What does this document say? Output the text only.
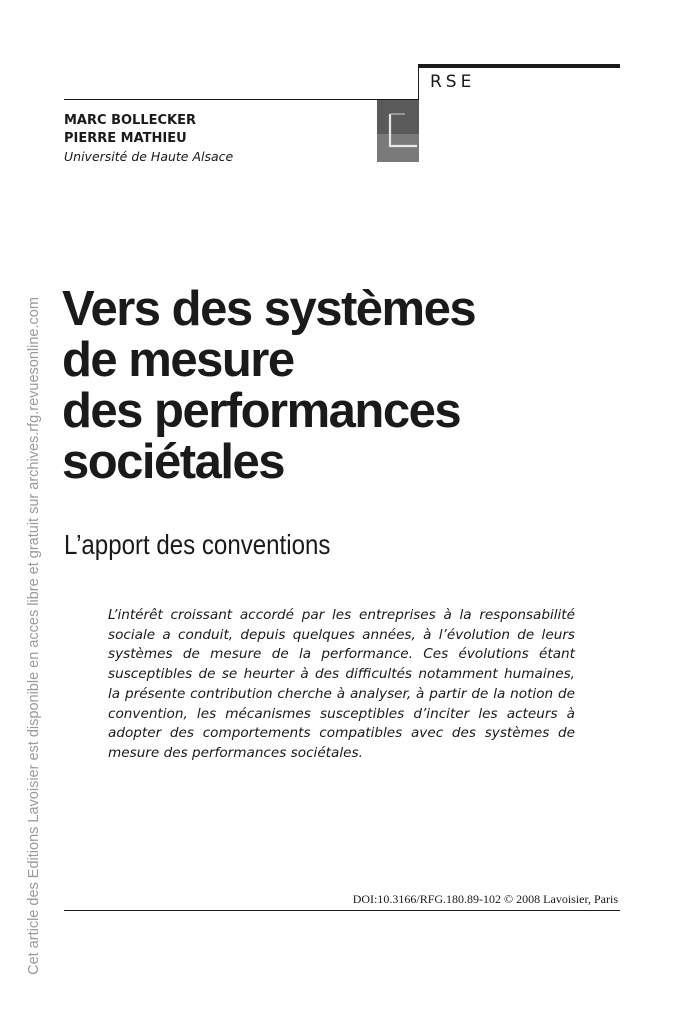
RSE
MARC BOLLECKER
PIERRE MATHIEU
Université de Haute Alsace
Cet article des Editions Lavoisier est disponible en acces libre et gratuit sur archives.rfg.revuesonline.com Vers des systèmes
de mesure
des performances
sociétales
L’apport des conventions

L’intérêt croissant accordé par les entreprises à la responsabilité sociale a conduit, depuis quelques années, à l’évolution de leurs systèmes de mesure de la performance. Ces évolutions étant susceptibles de se heurter à des difficultés notamment humaines, la présente contribution cherche à analyser, à partir de la notion de convention, les mécanismes susceptibles d’inciter les acteurs à adopter des comportements compatibles avec des systèmes de mesure des performances sociétales.

DOI:10.3166/RFG.180.89-102 © 2008 Lavoisier, Paris
